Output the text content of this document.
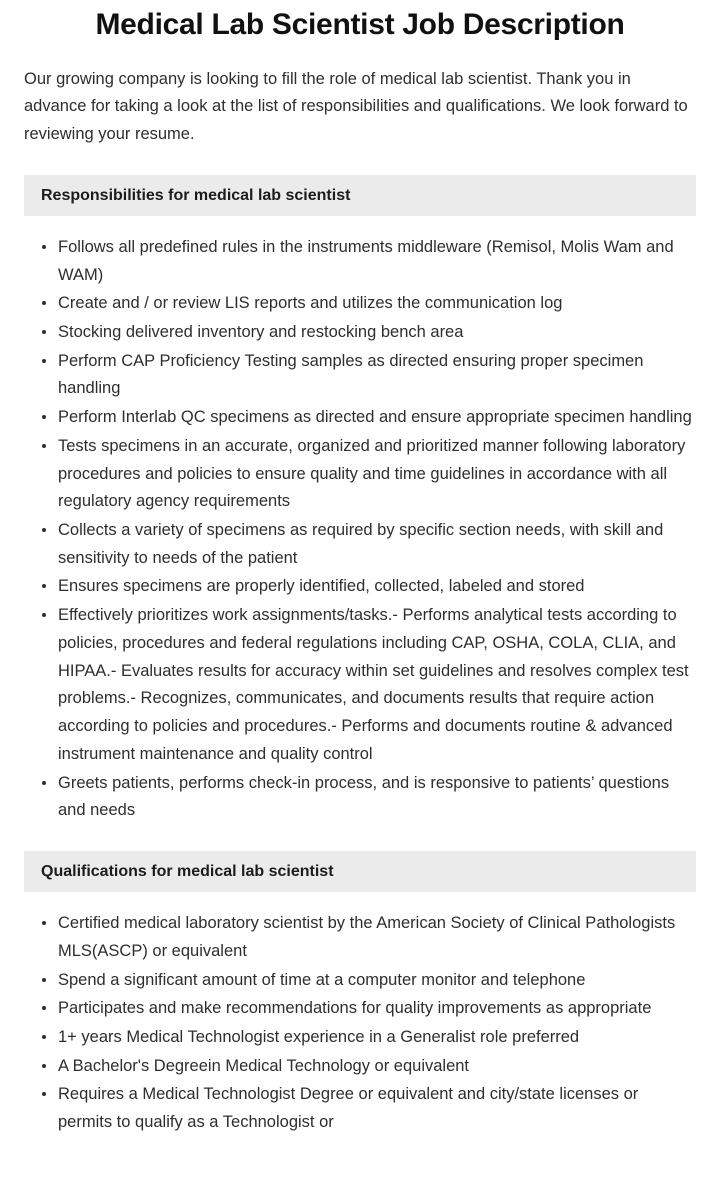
Medical Lab Scientist Job Description

Our growing company is looking to fill the role of medical lab scientist. Thank you in advance for taking a look at the list of responsibilities and qualifications. We look forward to reviewing your resume.

Responsibilities for medical lab scientist
Follows all predefined rules in the instruments middleware (Remisol, Molis Wam and WAM)
Create and / or review LIS reports and utilizes the communication log
Stocking delivered inventory and restocking bench area
Perform CAP Proficiency Testing samples as directed ensuring proper specimen handling
Perform Interlab QC specimens as directed and ensure appropriate specimen handling
Tests specimens in an accurate, organized and prioritized manner following laboratory procedures and policies to ensure quality and time guidelines in accordance with all regulatory agency requirements
Collects a variety of specimens as required by specific section needs, with skill and sensitivity to needs of the patient
Ensures specimens are properly identified, collected, labeled and stored
Effectively prioritizes work assignments/tasks.- Performs analytical tests according to policies, procedures and federal regulations including CAP, OSHA, COLA, CLIA, and HIPAA.- Evaluates results for accuracy within set guidelines and resolves complex test problems.- Recognizes, communicates, and documents results that require action according to policies and procedures.- Performs and documents routine & advanced instrument maintenance and quality control
Greets patients, performs check-in process, and is responsive to patients’ questions and needs
Qualifications for medical lab scientist
Certified medical laboratory scientist by the American Society of Clinical Pathologists MLS(ASCP) or equivalent
Spend a significant amount of time at a computer monitor and telephone
Participates and make recommendations for quality improvements as appropriate
1+ years Medical Technologist experience in a Generalist role preferred
A Bachelor's Degreein Medical Technology or equivalent
Requires a Medical Technologist Degree or equivalent and city/state licenses or permits to qualify as a Technologist or
